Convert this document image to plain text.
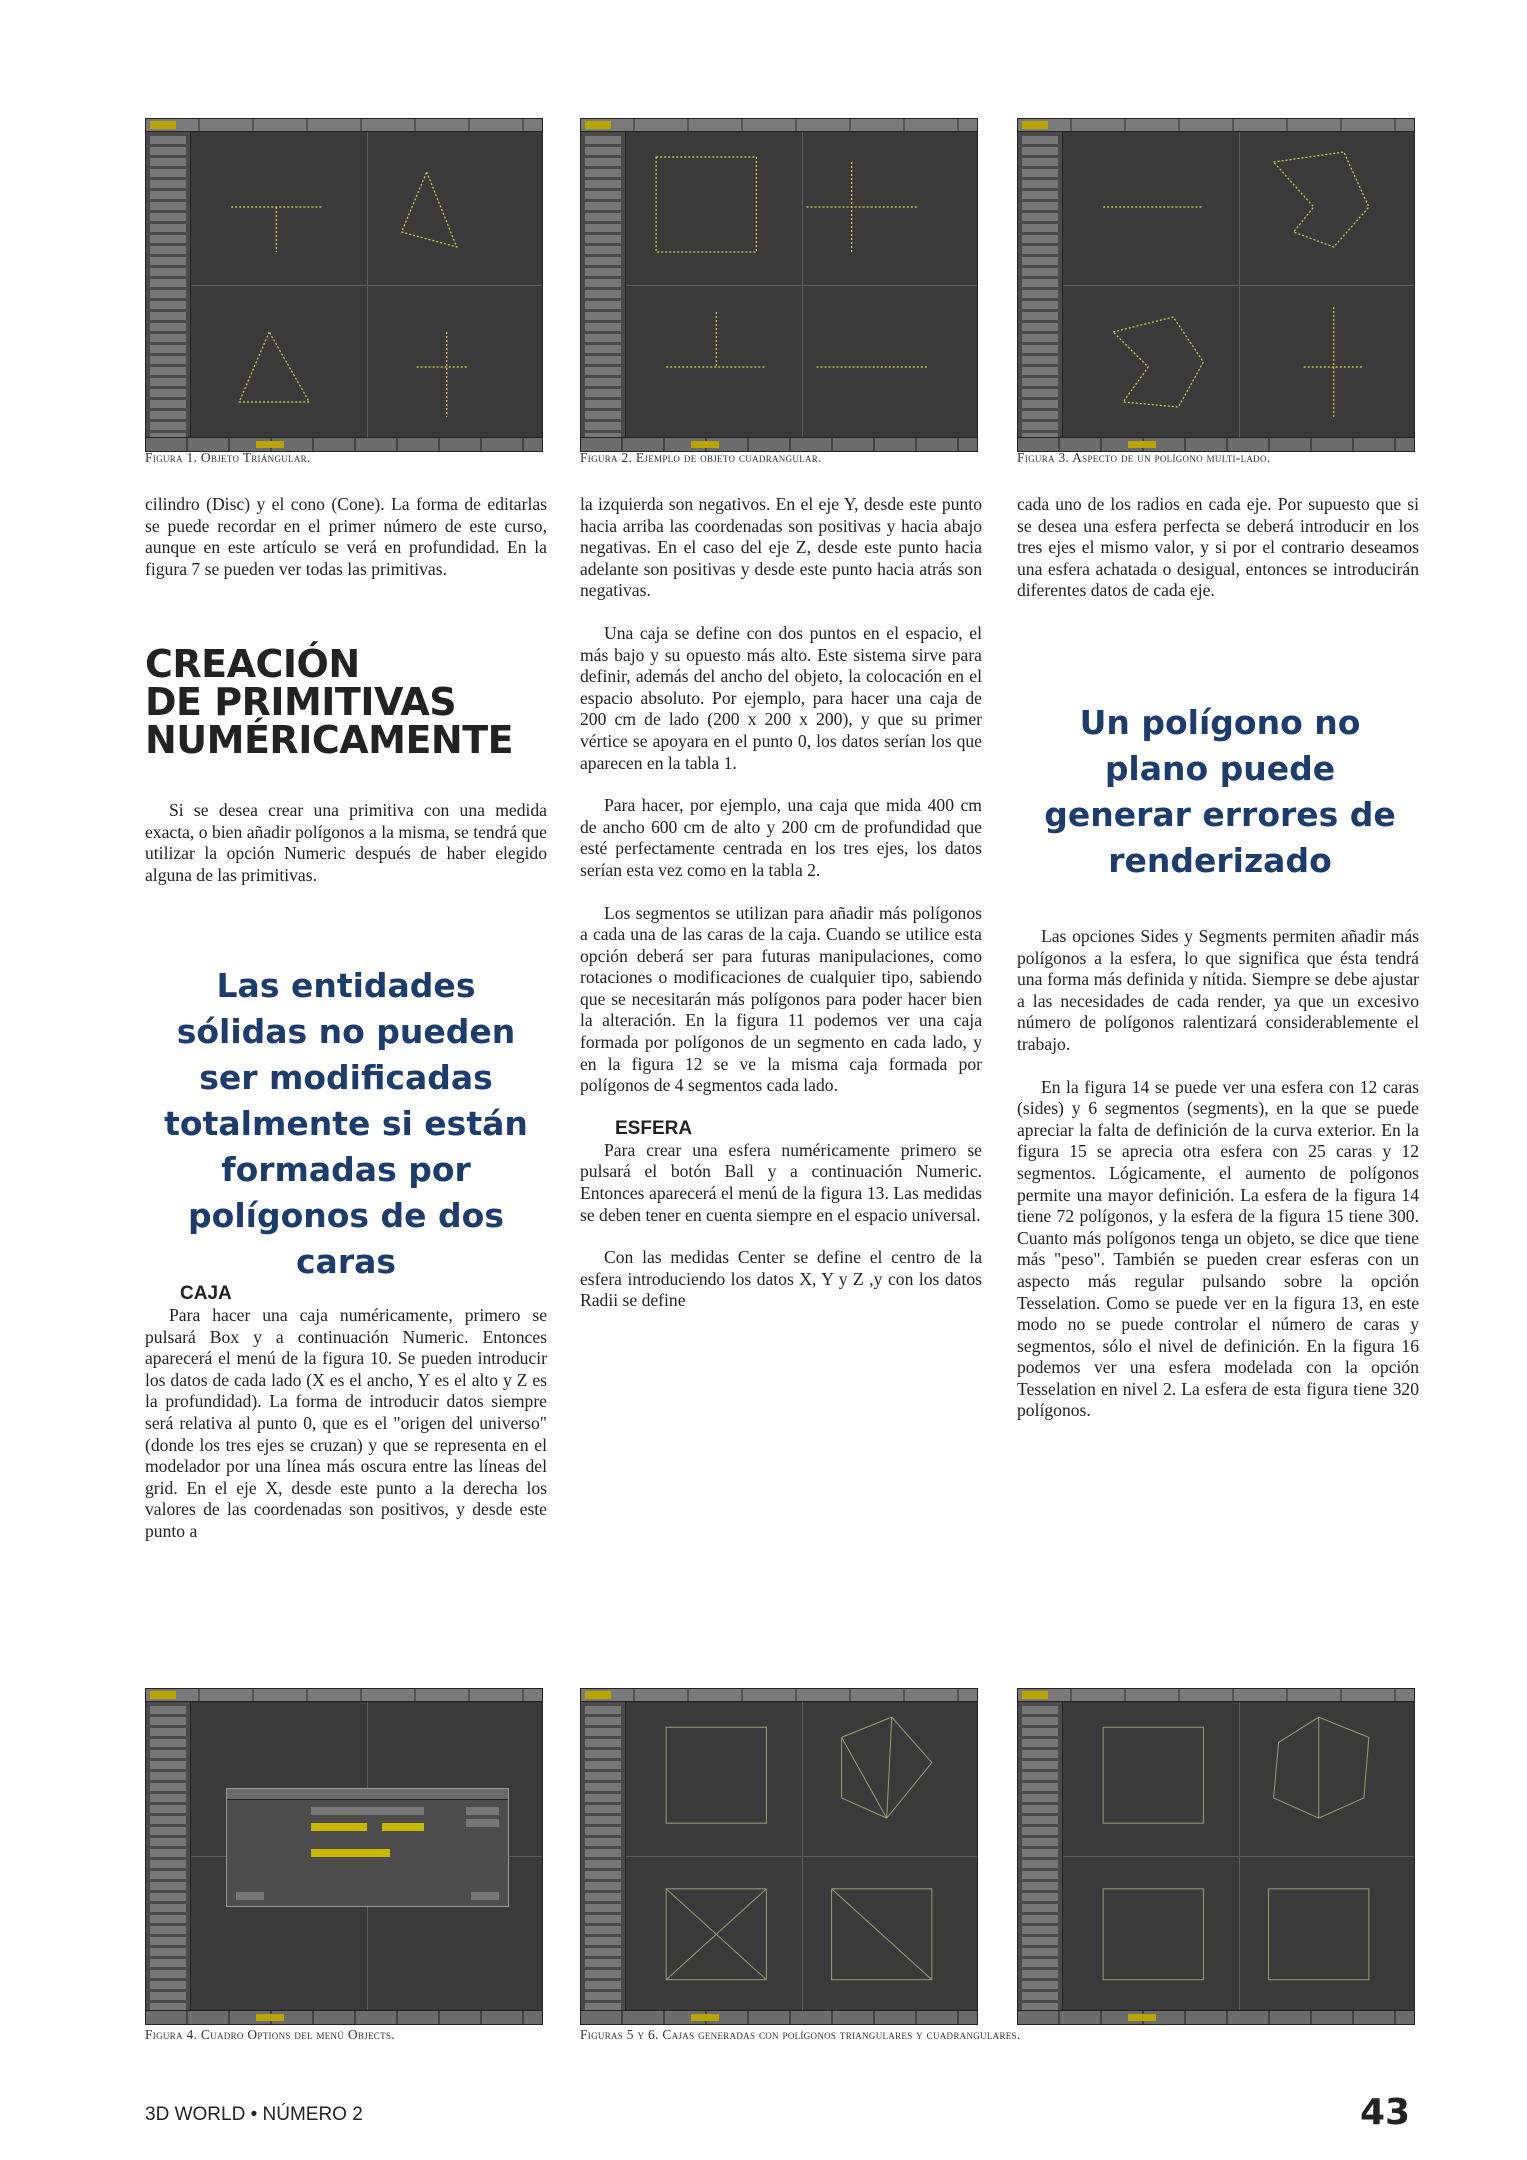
Figura 1. Objeto Triángular.	Figura 2. Ejemplo de objeto cuadrangular.	Figura 3. Aspecto de un polígono multi-lado.

cilindro (Disc) y el cono (Cone). La forma de editarlas se puede recordar en el primer número de este curso, aunque en este artículo se verá en profundidad. En la figura 7 se pueden ver todas las primitivas.

CREACIÓN
DE PRIMITIVAS
NUMÉRICAMENTE

Si se desea crear una primitiva con una medida exacta, o bien añadir polígonos a la misma, se tendrá que utilizar la opción Numeric después de haber elegido alguna de las primitivas.

Las entidades sólidas no pueden ser modificadas totalmente si están formadas por polígonos de dos caras

CAJA

Para hacer una caja numéricamente, primero se pulsará Box y a continuación Numeric. Entonces aparecerá el menú de la figura 10. Se pueden introducir los datos de cada lado (X es el ancho, Y es el alto y Z es la profundidad). La forma de introducir datos siempre será relativa al punto 0, que es el "origen del universo" (donde los tres ejes se cruzan) y que se representa en el modelador por una línea más oscura entre las líneas del grid. En el eje X, desde este punto a la derecha los valores de las coordenadas son positivos, y desde este punto a

la izquierda son negativos. En el eje Y, desde este punto hacia arriba las coordenadas son positivas y hacia abajo negativas. En el caso del eje Z, desde este punto hacia adelante son positivas y desde este punto hacia atrás son negativas.

Una caja se define con dos puntos en el espacio, el más bajo y su opuesto más alto. Este sistema sirve para definir, además del ancho del objeto, la colocación en el espacio absoluto. Por ejemplo, para hacer una caja de 200 cm de lado (200 x 200 x 200), y que su primer vértice se apoyara en el punto 0, los datos serían los que aparecen en la tabla 1.

Para hacer, por ejemplo, una caja que mida 400 cm de ancho 600 cm de alto y 200 cm de profundidad que esté perfectamente centrada en los tres ejes, los datos serían esta vez como en la tabla 2.

Los segmentos se utilizan para añadir más polígonos a cada una de las caras de la caja. Cuando se utilice esta opción deberá ser para futuras manipulaciones, como rotaciones o modificaciones de cualquier tipo, sabiendo que se necesitarán más polígonos para poder hacer bien la alteración. En la figura 11 podemos ver una caja formada por polígonos de un segmento en cada lado, y en la figura 12 se ve la misma caja formada por polígonos de 4 segmentos cada lado.

ESFERA

Para crear una esfera numéricamente primero se pulsará el botón Ball y a continuación Numeric. Entonces aparecerá el menú de la figura 13. Las medidas se deben tener en cuenta siempre en el espacio universal.

Con las medidas Center se define el centro de la esfera introduciendo los datos X, Y y Z ,y con los datos Radii se define

cada uno de los radios en cada eje. Por supuesto que si se desea una esfera perfecta se deberá introducir en los tres ejes el mismo valor, y si por el contrario deseamos una esfera achatada o desigual, entonces se introducirán diferentes datos de cada eje.

Un polígono no plano puede generar errores de renderizado

Las opciones Sides y Segments permiten añadir más polígonos a la esfera, lo que significa que ésta tendrá una forma más definida y nítida. Siempre se debe ajustar a las necesidades de cada render, ya que un excesivo número de polígonos ralentizará considerablemente el trabajo.

En la figura 14 se puede ver una esfera con 12 caras (sides) y 6 segmentos (segments), en la que se puede apreciar la falta de definición de la curva exterior. En la figura 15 se aprecia otra esfera con 25 caras y 12 segmentos. Lógicamente, el aumento de polígonos permite una mayor definición. La esfera de la figura 14 tiene 72 polígonos, y la esfera de la figura 15 tiene 300. Cuanto más polígonos tenga un objeto, se dice que tiene más "peso". También se pueden crear esferas con un aspecto más regular pulsando sobre la opción Tesselation. Como se puede ver en la figura 13, en este modo no se puede controlar el número de caras y segmentos, sólo el nivel de definición. En la figura 16 podemos ver una esfera modelada con la opción Tesselation en nivel 2. La esfera de esta figura tiene 320 polígonos.

Figura 4. Cuadro Options del menú Objects.	Figuras 5 y 6. Cajas generadas con polígonos triangulares y cuadrangulares.
3D WORLD • NÚMERO 2	43
